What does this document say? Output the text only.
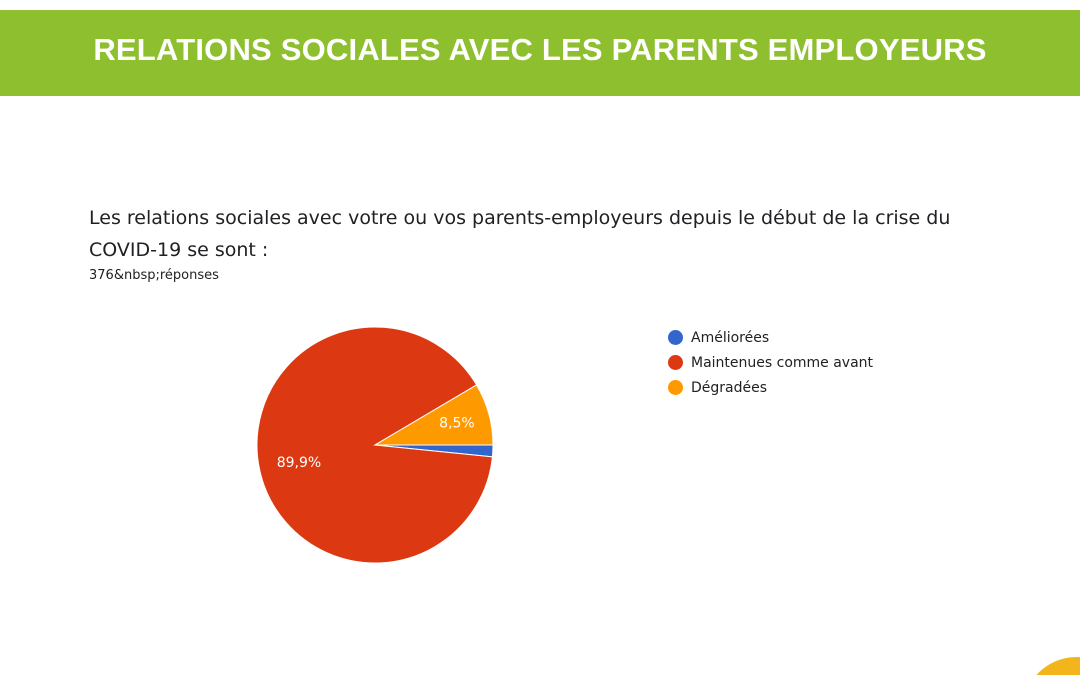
RELATIONS SOCIALES AVEC LES PARENTS EMPLOYEURS
Les relations sociales avec votre ou vos parents-employeurs depuis le début de la crise du COVID-19 se sont :
376&nbsp;réponses
89,9%
8,5%
Améliorées
Maintenues comme avant
Dégradées
